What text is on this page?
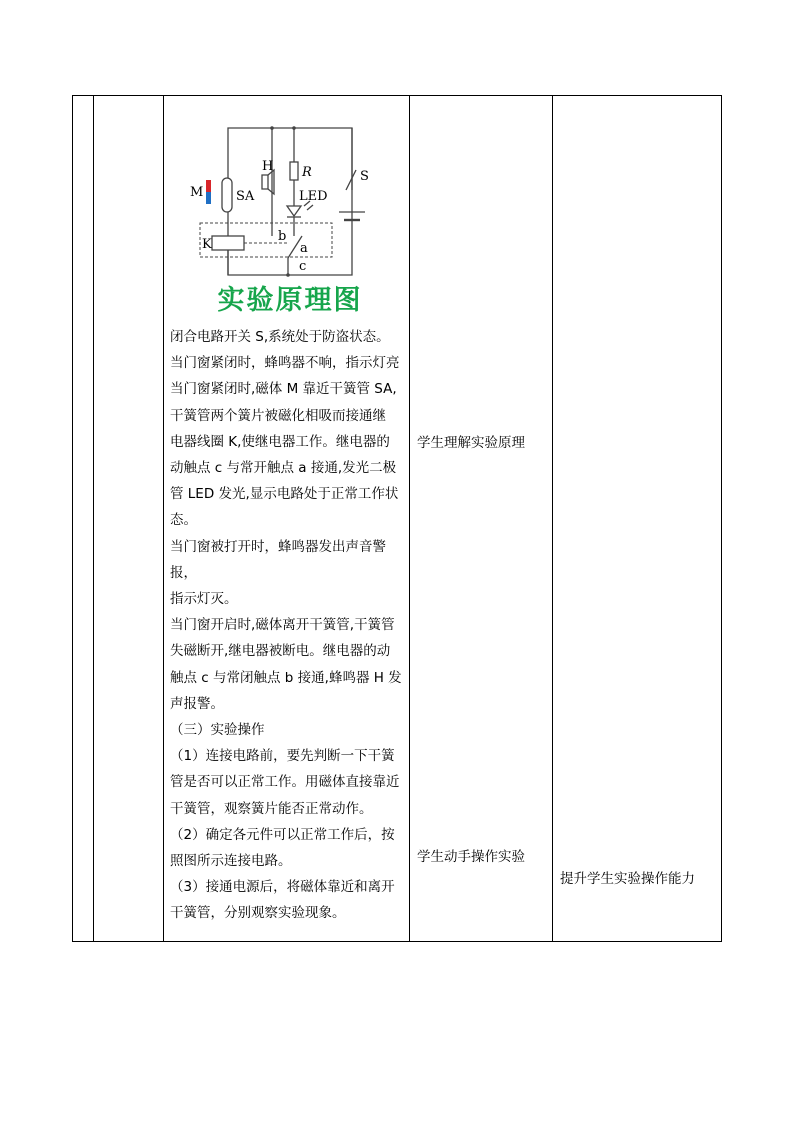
M	SA
H R
LED
S
K
b
a
c
实验原理图

闭合电路开关 S,系统处于防盗状态。

当门窗紧闭时，蜂鸣器不响，指示灯亮

当门窗紧闭时,磁体 M 靠近干簧管 SA,

干簧管两个簧片被磁化相吸而接通继

电器线圈 K,使继电器工作。继电器的

动触点 c 与常开触点 a 接通,发光二极

管 LED 发光,显示电路处于正常工作状

态。

当门窗被打开时，蜂鸣器发出声音警报，

指示灯灭。

当门窗开启时,磁体离开干簧管,干簧管

失磁断开,继电器被断电。继电器的动

触点 c 与常闭触点 b 接通,蜂鸣器 H 发

声报警。

（三）实验操作

（1）连接电路前，要先判断一下干簧

管是否可以正常工作。用磁体直接靠近

干簧管，观察簧片能否正常动作。

（2）确定各元件可以正常工作后，按

照图所示连接电路。

（3）接通电源后，将磁体靠近和离开

干簧管，分别观察实验现象。

学生理解实验原理
学生动手操作实验
提升学生实验操作能力
